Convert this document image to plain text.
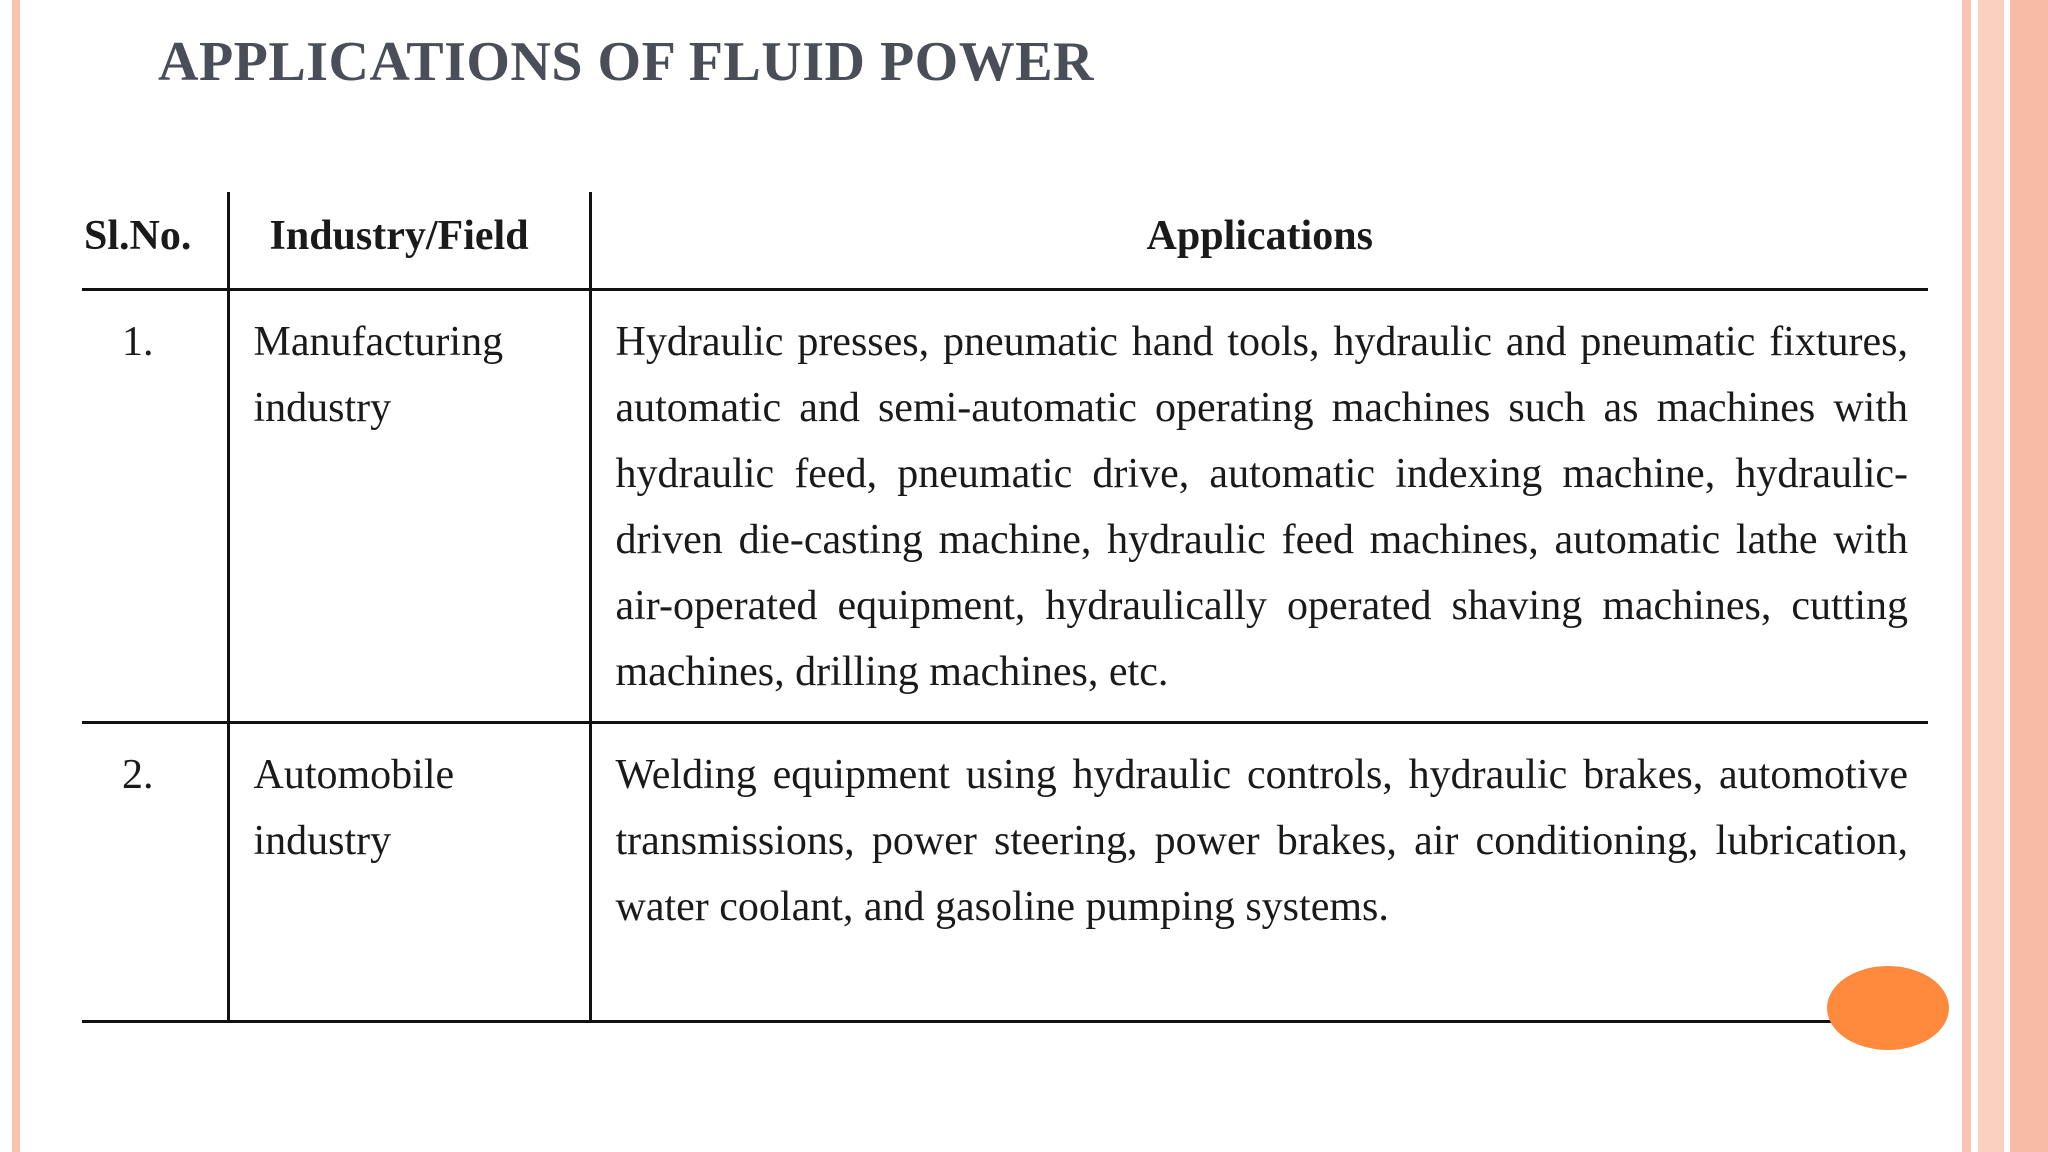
APPLICATIONS OF FLUID POWER
Sl.No.	Industry/Field	Applications
1.	Manufacturing industry	Hydraulic presses, pneumatic hand tools, hydraulic and pneumatic fixtures, automatic and semi-automatic operating machines such as machines with hydraulic feed, pneumatic drive, automatic indexing machine, hydraulic-driven die-casting machine, hydraulic feed machines, automatic lathe with air-operated equipment, hydraulically operated shaving machines, cutting machines, drilling machines, etc.
2.	Automobile industry	Welding equipment using hydraulic controls, hydraulic brakes, automotive transmissions, power steering, power brakes, air conditioning, lubrication, water coolant, and gasoline pumping systems.
